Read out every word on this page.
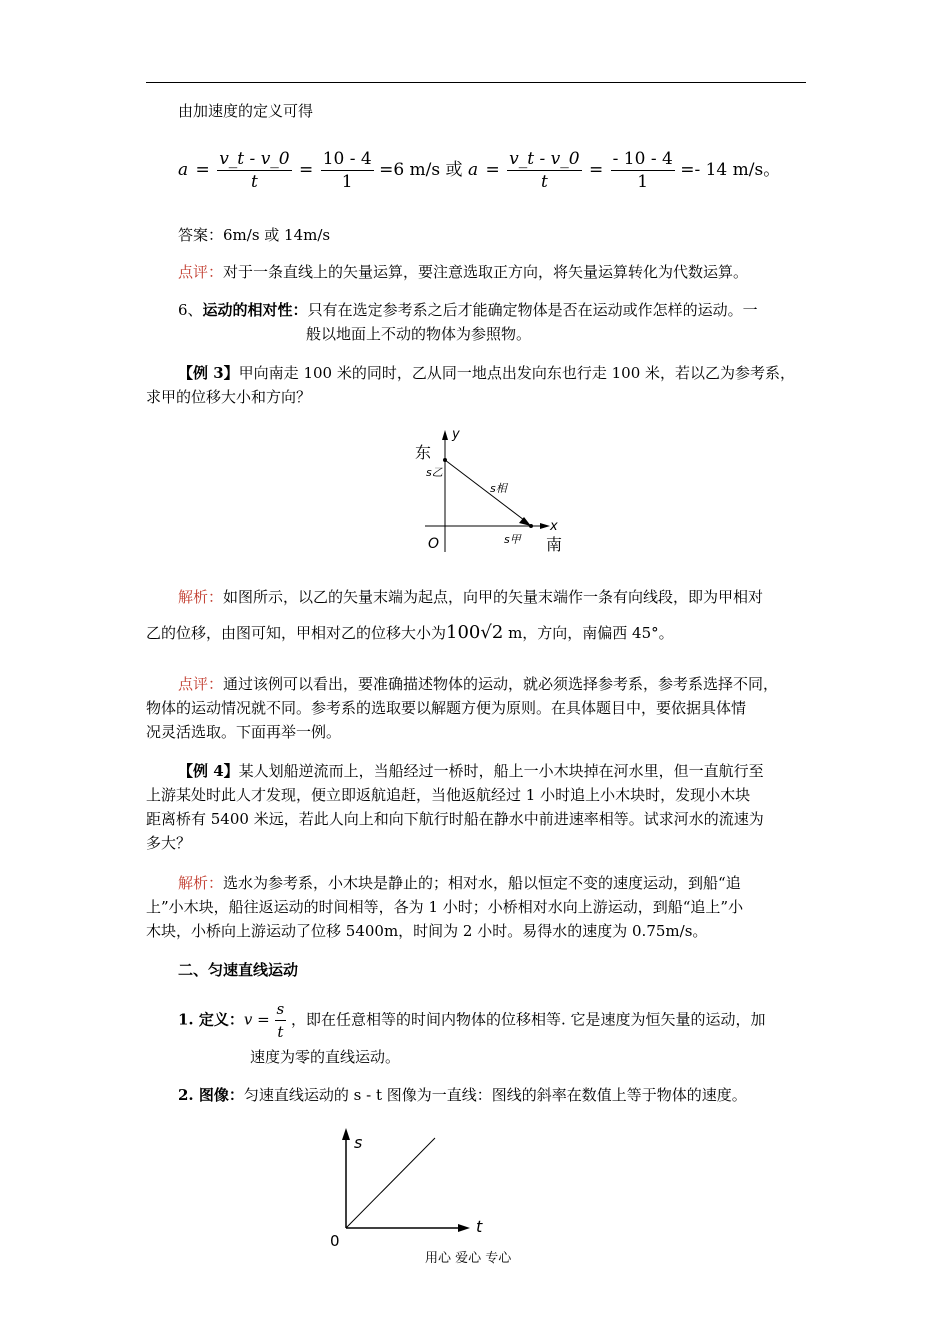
由加速度的定义可得
$a = \frac{v\_t - v\_0}{t} = \frac{10 - 4}{1} =6$ m/s 或 $a = \frac{v\_t - v\_0}{t} = \frac{- 10 - 4}{1} =- 14$ m/s。
答案：6m/s 或 14m/s
点评：对于一条直线上的矢量运算，要注意选取正方向，将矢量运算转化为代数运算。
6、运动的相对性：只有在选定参考系之后才能确定物体是否在运动或作怎样的运动。一
般以地面上不动的物体为参照物。
【例 3】甲向南走 100 米的同时，乙从同一地点出发向东也行走 100 米，若以乙为参考系，
求甲的位移大小和方向？
东
y
s乙
s相
x
O	s甲 南
解析：如图所示，以乙的矢量末端为起点，向甲的矢量末端作一条有向线段，即为甲相对
乙的位移，由图可知，甲相对乙的位移大小为100√2 m，方向，南偏西 45°。
点评：通过该例可以看出，要准确描述物体的运动，就必须选择参考系，参考系选择不同，
物体的运动情况就不同。参考系的选取要以解题方便为原则。在具体题目中，要依据具体情
况灵活选取。下面再举一例。
【例 4】某人划船逆流而上，当船经过一桥时，船上一小木块掉在河水里，但一直航行至
上游某处时此人才发现，便立即返航追赶，当他返航经过 1 小时追上小木块时，发现小木块
距离桥有 5400 米远，若此人向上和向下航行时船在静水中前进速率相等。试求河水的流速为
多大？
解析：选水为参考系，小木块是静止的；相对水，船以恒定不变的速度运动，到船“追
上”小木块，船往返运动的时间相等，各为 1 小时；小桥相对水向上游运动，到船“追上”小
木块，小桥向上游运动了位移 5400m，时间为 2 小时。易得水的速度为 0.75m/s。
二、匀速直线运动
1. 定义：$v = \frac{s}{t}$ ，即在任意相等的时间内物体的位移相等. 它是速度为恒矢量的运动，加
速度为零的直线运动。
2. 图像：匀速直线运动的 s - t 图像为一直线：图线的斜率在数值上等于物体的速度。
s
t
0
用心 爱心 专心
